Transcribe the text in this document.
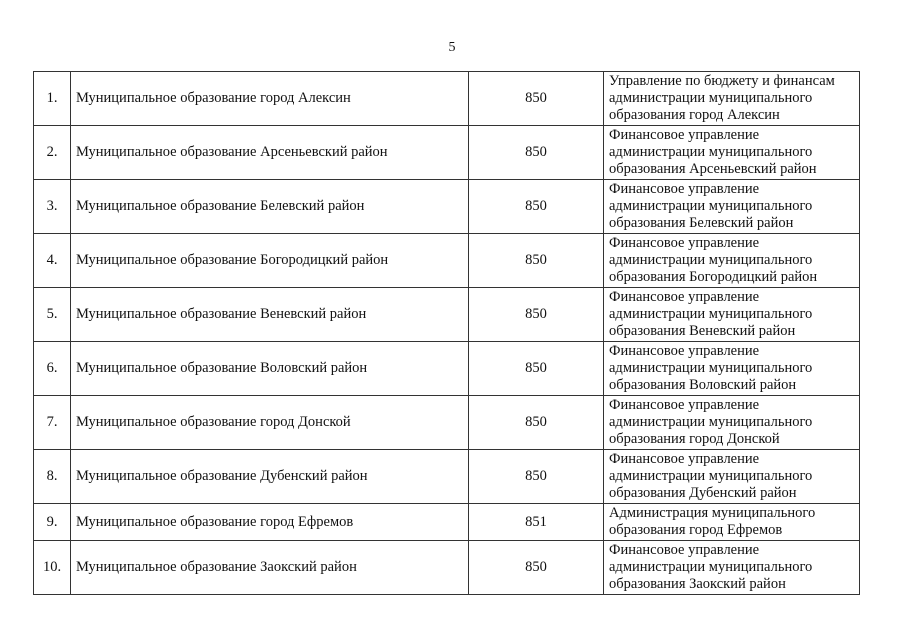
5
1.	Муниципальное образование город Алексин	850	Управление по бюджету и финансам
администрации муниципального
образования город Алексин

2.	Муниципальное образование Арсеньевский район	850	Финансовое управление
администрации муниципального
образования Арсеньевский район

3.	Муниципальное образование Белевский район	850	Финансовое управление
администрации муниципального
образования Белевский район

4.	Муниципальное образование Богородицкий район	850	Финансовое управление
администрации муниципального
образования Богородицкий район

5.	Муниципальное образование Веневский район	850	Финансовое управление
администрации муниципального
образования Веневский район

6.	Муниципальное образование Воловский район	850	Финансовое управление
администрации муниципального
образования Воловский район

7.	Муниципальное образование город Донской	850	Финансовое управление
администрации муниципального
образования город Донской

8.	Муниципальное образование Дубенский район	850	Финансовое управление
администрации муниципального
образования Дубенский район

9.	Муниципальное образование город Ефремов	851	Администрация муниципального
образования город Ефремов

10.	Муниципальное образование Заокский район	850	Финансовое управление
администрации муниципального
образования Заокский район
